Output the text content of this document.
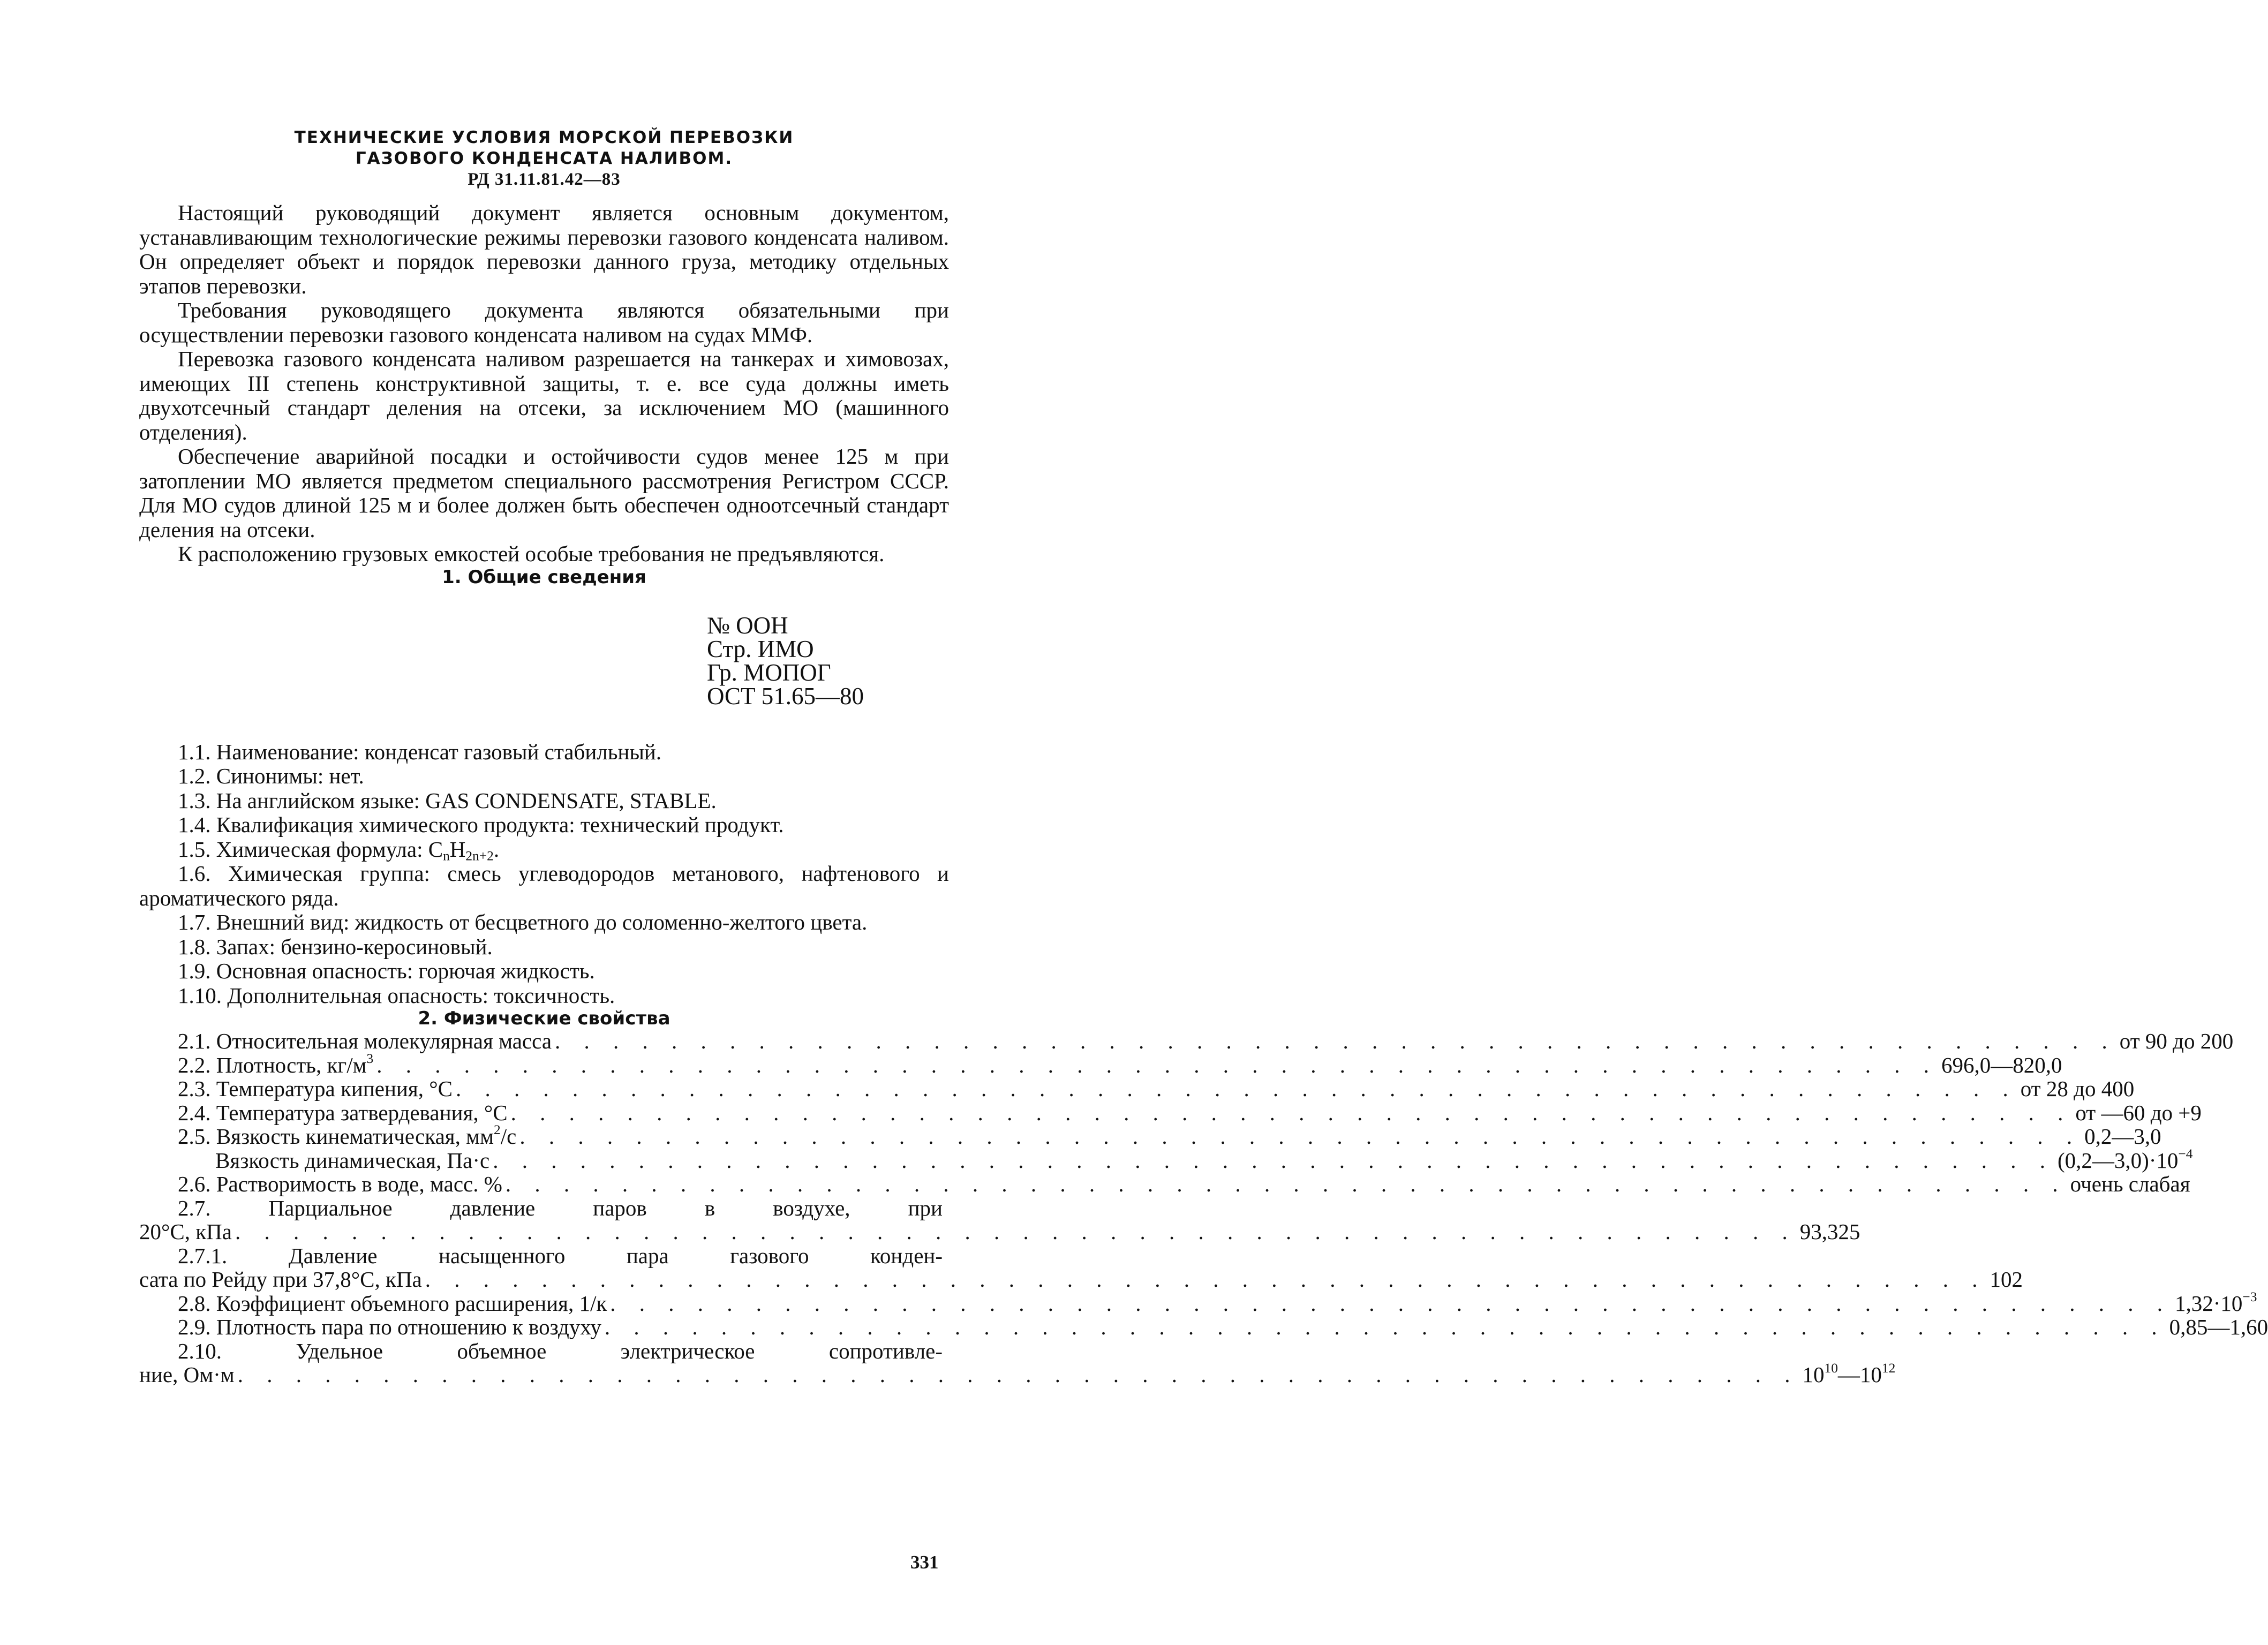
ТЕХНИЧЕСКИЕ УСЛОВИЯ МОРСКОЙ ПЕРЕВОЗКИ
ГАЗОВОГО КОНДЕНСАТА НАЛИВОМ.
РД 31.11.81.42—83

Настоящий руководящий документ является основным документом, устанавливающим технологические режимы перевозки газового конденсата наливом. Он определяет объект и порядок перевозки данного груза, методику отдельных этапов перевозки.

Требования руководящего документа являются обязательными при осуществлении перевозки газового конденсата наливом на судах ММФ.

Перевозка газового конденсата наливом разрешается на танкерах и химовозах, имеющих III степень конструктивной защиты, т. е. все суда должны иметь двухотсечный стандарт деления на отсеки, за исключением МО (машинного отделения).

Обеспечение аварийной посадки и остойчивости судов менее 125 м при затоплении МО является предметом специального рассмотрения Регистром СССР. Для МО судов длиной 125 м и более должен быть обеспечен одноотсечный стандарт деления на отсеки.

К расположению грузовых емкостей особые требования не предъявляются.

1. Общие сведения
№ ООН
Стр. ИМО
Гр. МОПОГ
ОСТ 51.65—80

1.1. Наименование: конденсат газовый стабильный.

1.2. Синонимы: нет.

1.3. На английском языке: GAS CONDENSATE, STABLE.

1.4. Квалификация химического продукта: технический продукт.

1.5. Химическая формула: $C_nH_{2n+2}$.

1.6. Химическая группа: смесь углеводородов метанового, нафтенового и ароматического ряда.

1.7. Внешний вид: жидкость от бесцветного до соломенно-желтого цвета.

1.8. Запах: бензино-керосиновый.

1.9. Основная опасность: горючая жидкость.

1.10. Дополнительная опасность: токсичность.

2. Физические свойства
2.1. Относительная молекулярная масса . . . . . . . . . . . . . . . . . . . . . . . . . . . . . . . . . . . . . . . . . . . . . . . . . . . . . . от 90 до 200
2.2. Плотность, $кг/м^3$ . . . . . . . . . . . . . . . . . . . . . . . . . . . . . . . . . . . . . . . . . . . . . . . . . . . . . . 696,0—820,0
2.3. Температура кипения, °С . . . . . . . . . . . . . . . . . . . . . . . . . . . . . . . . . . . . . . . . . . . . . . . . . . . . . . от 28 до 400
2.4. Температура затвердевания, °С . . . . . . . . . . . . . . . . . . . . . . . . . . . . . . . . . . . . . . . . . . . . . . . . . . . . . . от —60 до +9
2.5. Вязкость кинематическая, $мм^2/с$ . . . . . . . . . . . . . . . . . . . . . . . . . . . . . . . . . . . . . . . . . . . . . . . . . . . . . . 0,2—3,0
Вязкость динамическая, Па·с . . . . . . . . . . . . . . . . . . . . . . . . . . . . . . . . . . . . . . . . . . . . . . . . . . . . . . $(0,2—3,0)\cdot 10^{-4}$
2.6. Растворимость в воде, масс. % . . . . . . . . . . . . . . . . . . . . . . . . . . . . . . . . . . . . . . . . . . . . . . . . . . . . . . очень слабая
2.7. Парциальное давление паров в воздухе, при
20°С, кПа . . . . . . . . . . . . . . . . . . . . . . . . . . . . . . . . . . . . . . . . . . . . . . . . . . . . . . 93,325
2.7.1. Давление насыщенного пара газового конден-
сата по Рейду при 37,8°С, кПа . . . . . . . . . . . . . . . . . . . . . . . . . . . . . . . . . . . . . . . . . . . . . . . . . . . . . . 102
2.8. Коэффициент объемного расширения, 1/к . . . . . . . . . . . . . . . . . . . . . . . . . . . . . . . . . . . . . . . . . . . . . . . . . . . . . . $1,32\cdot 10^{-3}$
2.9. Плотность пара по отношению к воздуху . . . . . . . . . . . . . . . . . . . . . . . . . . . . . . . . . . . . . . . . . . . . . . . . . . . . . . 0,85—1,60
2.10. Удельное объемное электрическое сопротивле-
ние, Ом·м . . . . . . . . . . . . . . . . . . . . . . . . . . . . . . . . . . . . . . . . . . . . . . . . . . . . . . $10^{10}—10^{12}$
331
